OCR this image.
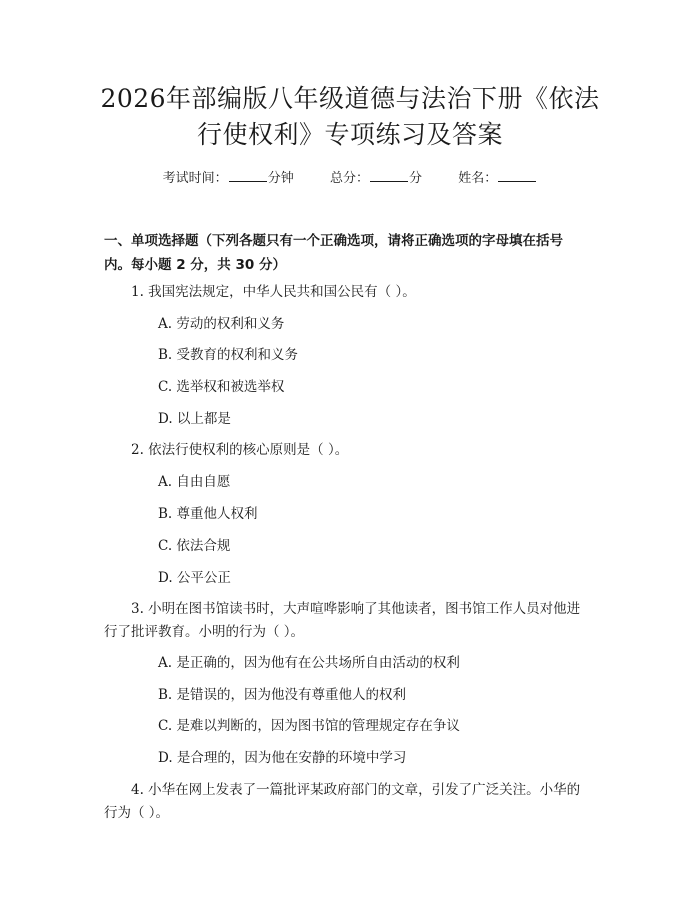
2026年部编版八年级道德与法治下册《依法
行使权利》专项练习及答案
考试时间：	分钟	总分：	分	姓名：
一、单项选择题（下列各题只有一个正确选项，请将正确选项的字母填在括号
内。每小题 2 分，共 30 分）
1. 我国宪法规定，中华人民共和国公民有（ ）。
A. 劳动的权利和义务
B. 受教育的权利和义务
C. 选举权和被选举权
D. 以上都是
2. 依法行使权利的核心原则是（ ）。
A. 自由自愿
B. 尊重他人权利
C. 依法合规
D. 公平公正
3. 小明在图书馆读书时，大声喧哗影响了其他读者，图书馆工作人员对他进
行了批评教育。小明的行为（ ）。
A. 是正确的，因为他有在公共场所自由活动的权利
B. 是错误的，因为他没有尊重他人的权利
C. 是难以判断的，因为图书馆的管理规定存在争议
D. 是合理的，因为他在安静的环境中学习
4. 小华在网上发表了一篇批评某政府部门的文章，引发了广泛关注。小华的
行为（ ）。
